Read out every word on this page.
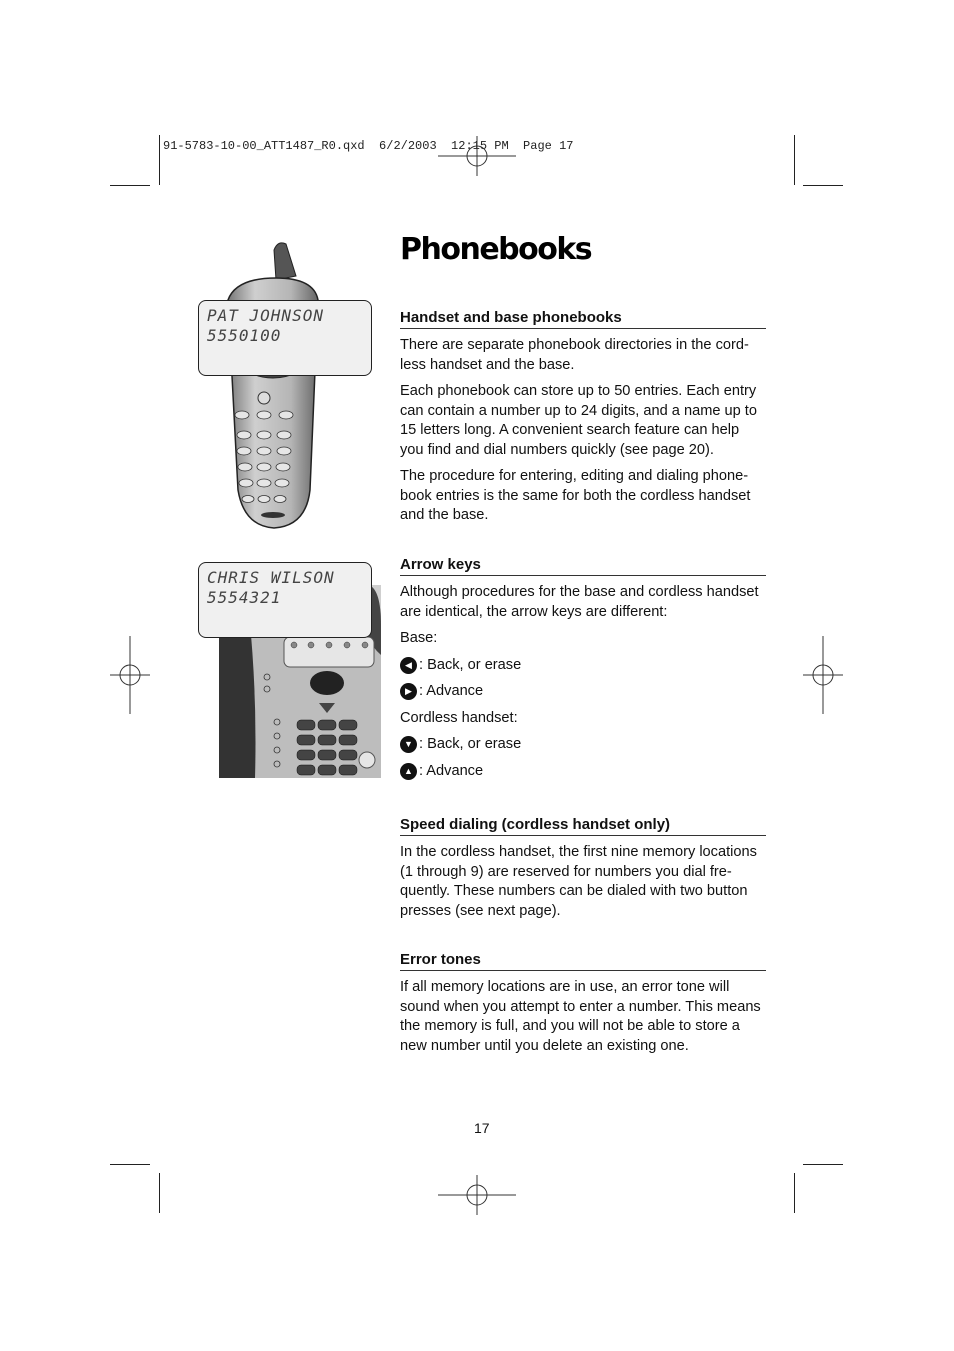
91-5783-10-00_ATT1487_R0.qxd  6/2/2003  12:15 PM  Page 17
PAT JOHNSON
5550100
CHRIS WILSON
5554321
Phonebooks
Handset and base phonebooks

There are separate phonebook directories in the cord-less handset and the base.

Each phonebook can store up to 50 entries. Each entry can contain a number up to 24 digits, and a name up to 15 letters long. A convenient search feature can help you find and dial numbers quickly (see page 20).

The procedure for entering, editing and dialing phone-book entries is the same for both the cordless handset and the base.

Arrow keys

Although procedures for the base and cordless handset are identical, the arrow keys are different:

Base:

◀ : Back, or erase

▶ : Advance

Cordless handset:

▼ : Back, or erase

▲ : Advance

Speed dialing (cordless handset only)

In the cordless handset, the first nine memory locations (1 through 9) are reserved for numbers you dial fre-quently. These numbers can be dialed with two button presses (see next page).

Error tones

If all memory locations are in use, an error tone will sound when you attempt to enter a number. This means the memory is full, and you will not be able to store a new number until you delete an existing one.

17
